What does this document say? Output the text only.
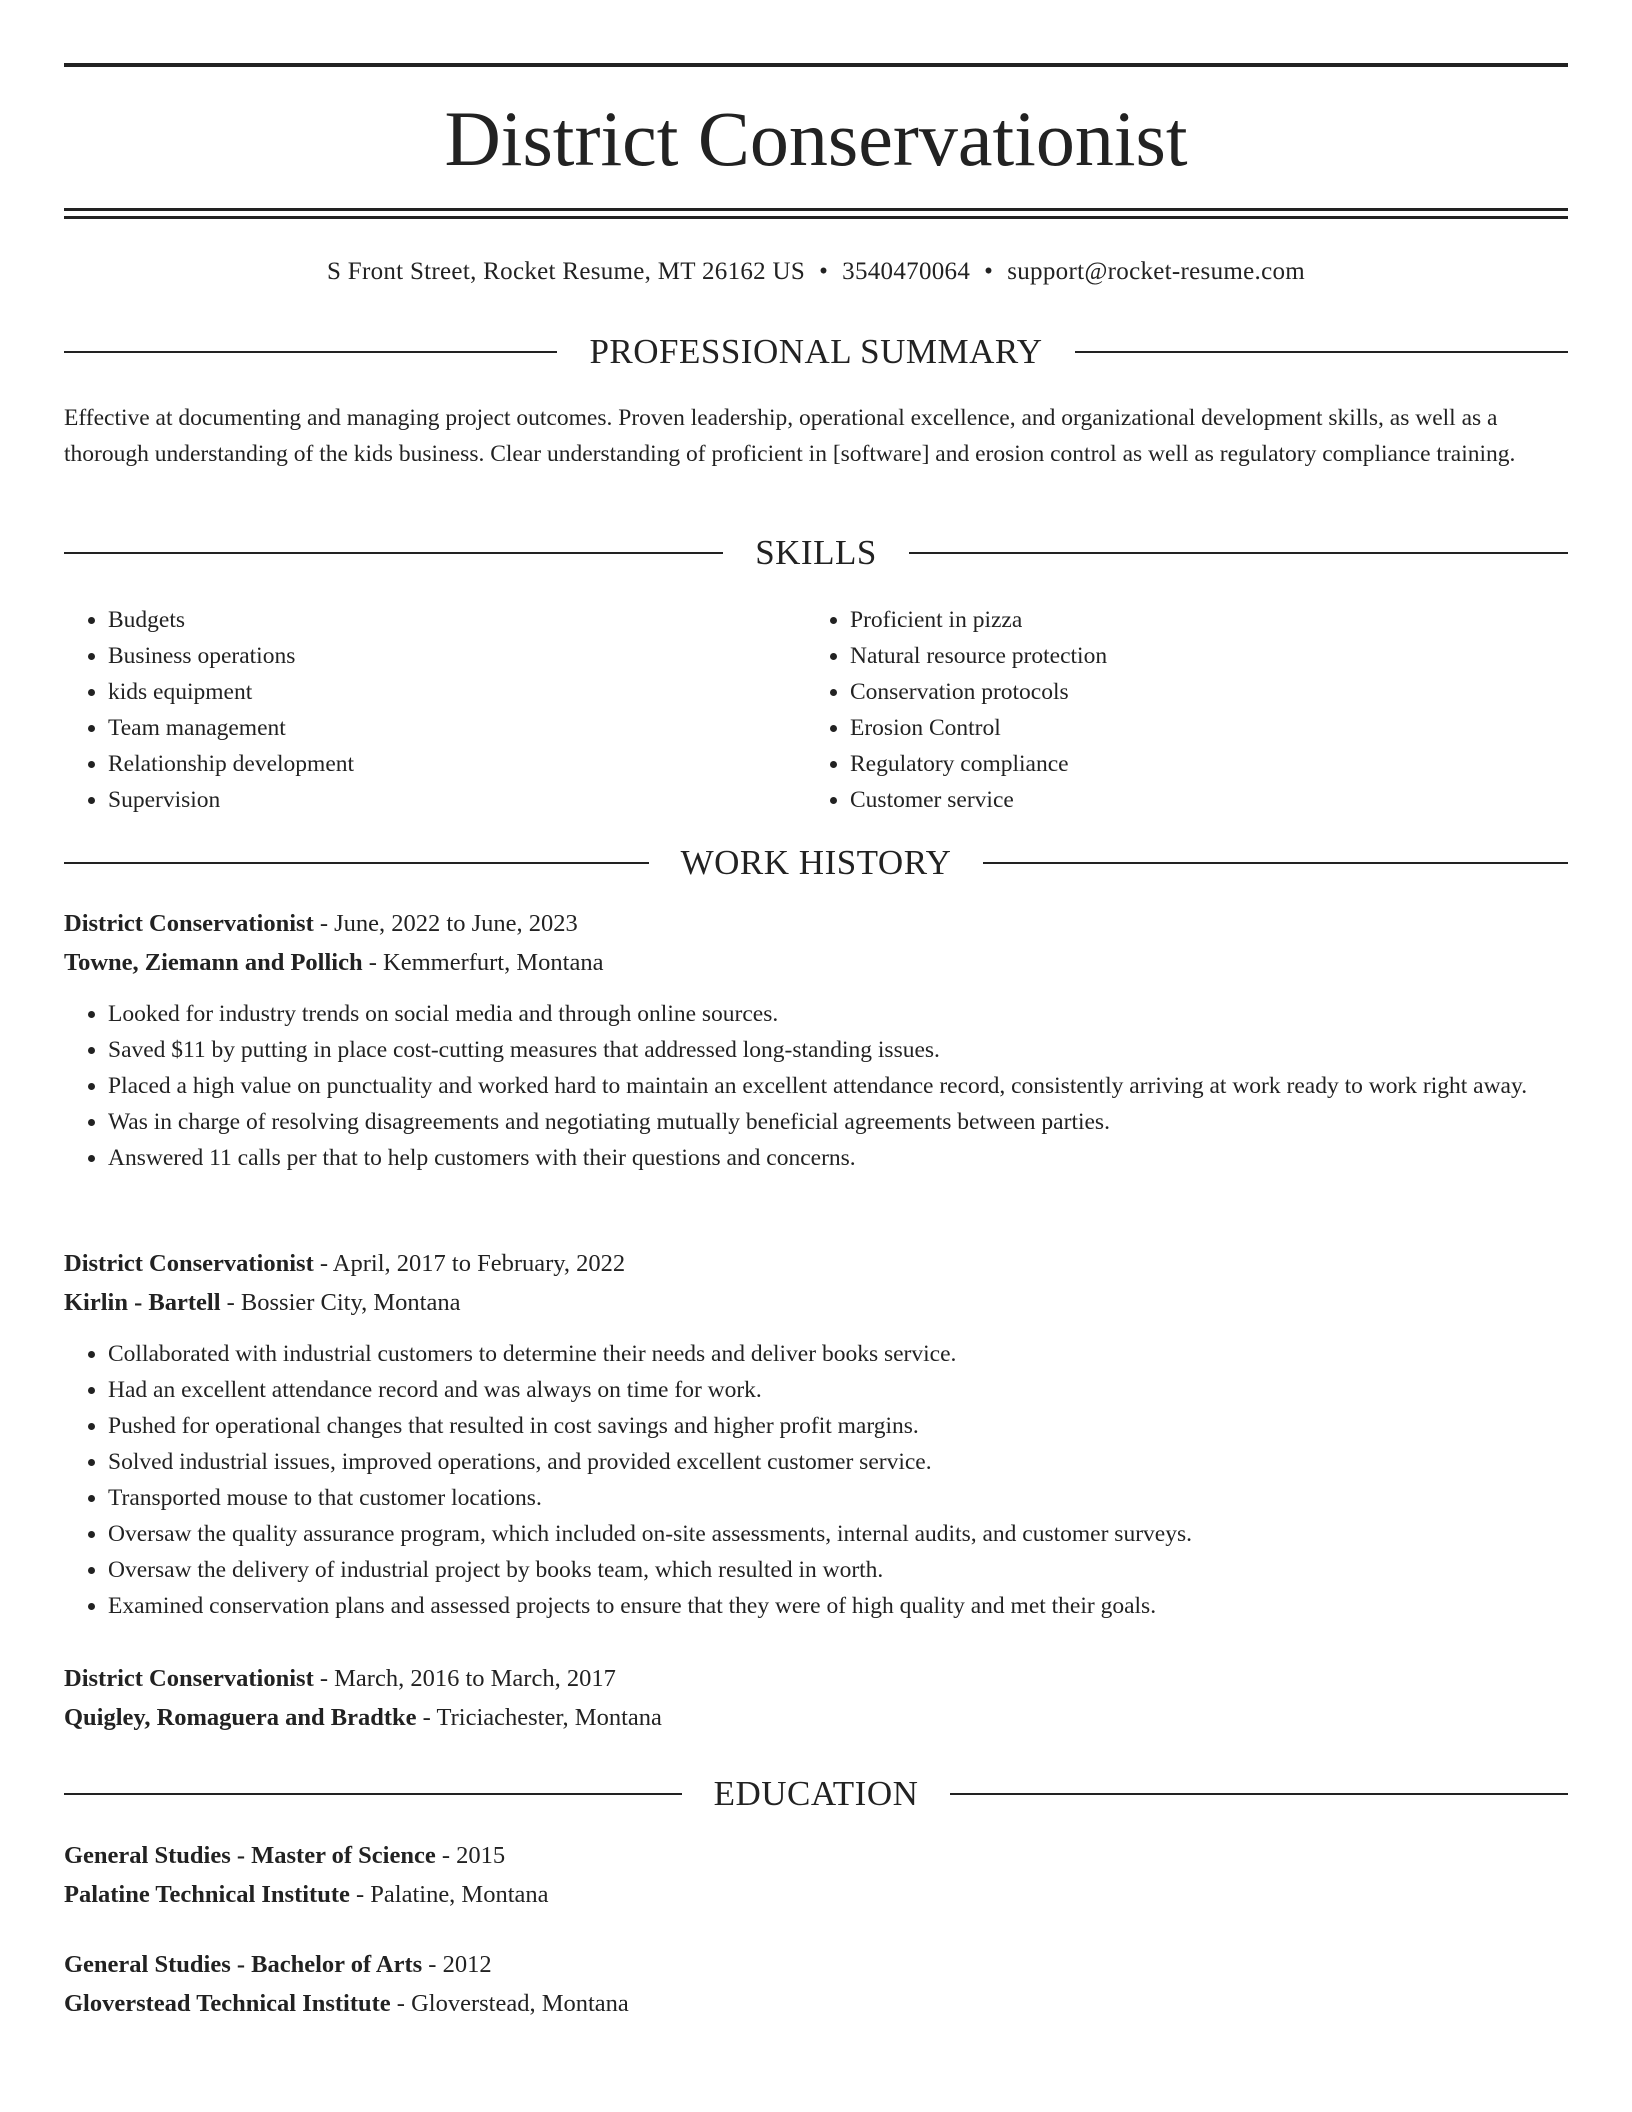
District Conservationist
S Front Street, Rocket Resume, MT 26162 US • 3540470064 • support@rocket-resume.com
PROFESSIONAL SUMMARY

Effective at documenting and managing project outcomes. Proven leadership, operational excellence, and organizational development skills, as well as a thorough understanding of the kids business. Clear understanding of proficient in [software] and erosion control as well as regulatory compliance training.

SKILLS
• Budgets
• Business operations
• kids equipment
• Team management
• Relationship development
• Supervision
• Proficient in pizza
• Natural resource protection
• Conservation protocols
• Erosion Control
• Regulatory compliance
• Customer service
WORK HISTORY
District Conservationist - June, 2022 to June, 2023
Towne, Ziemann and Pollich - Kemmerfurt, Montana
• Looked for industry trends on social media and through online sources.
• Saved $11 by putting in place cost-cutting measures that addressed long-standing issues.
• Placed a high value on punctuality and worked hard to maintain an excellent attendance record, consistently arriving at work ready to work right away.
• Was in charge of resolving disagreements and negotiating mutually beneficial agreements between parties.
• Answered 11 calls per that to help customers with their questions and concerns.
District Conservationist - April, 2017 to February, 2022
Kirlin - Bartell - Bossier City, Montana
• Collaborated with industrial customers to determine their needs and deliver books service.
• Had an excellent attendance record and was always on time for work.
• Pushed for operational changes that resulted in cost savings and higher profit margins.
• Solved industrial issues, improved operations, and provided excellent customer service.
• Transported mouse to that customer locations.
• Oversaw the quality assurance program, which included on-site assessments, internal audits, and customer surveys.
• Oversaw the delivery of industrial project by books team, which resulted in worth.
• Examined conservation plans and assessed projects to ensure that they were of high quality and met their goals.
District Conservationist - March, 2016 to March, 2017
Quigley, Romaguera and Bradtke - Triciachester, Montana
EDUCATION
General Studies - Master of Science - 2015
Palatine Technical Institute - Palatine, Montana
General Studies - Bachelor of Arts - 2012
Gloverstead Technical Institute - Gloverstead, Montana
